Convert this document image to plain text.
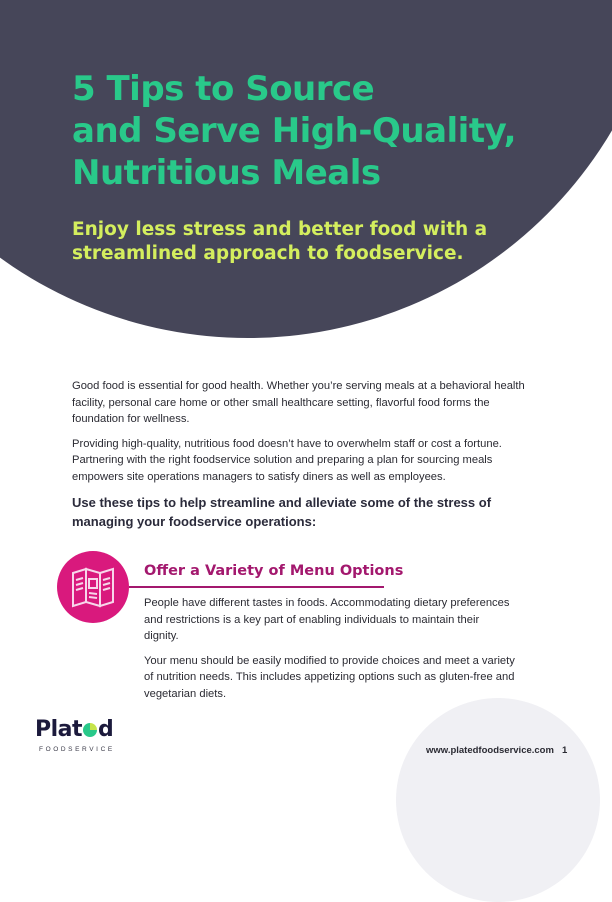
5 Tips to Source
and Serve High-Quality,
Nutritious Meals
Enjoy less stress and better food with a
streamlined approach to foodservice.

Good food is essential for good health. Whether you’re serving meals at a behavioral health facility, personal care home or other small healthcare setting, flavorful food forms the foundation for wellness.

Providing high-quality, nutritious food doesn’t have to overwhelm staff or cost a fortune. Partnering with the right foodservice solution and preparing a plan for sourcing meals empowers site operations managers to satisfy diners as well as employees.

Use these tips to help streamline and alleviate some of the stress of managing your foodservice operations:

Offer a Variety of Menu Options

People have different tastes in foods. Accommodating dietary preferences and restrictions is a key part of enabling individuals to maintain their dignity.

Your menu should be easily modified to provide choices and meet a variety of nutrition needs. This includes appetizing options such as gluten-free and vegetarian diets.

Plat d
FOODSERVICE	www.platedfoodservice.com 1
